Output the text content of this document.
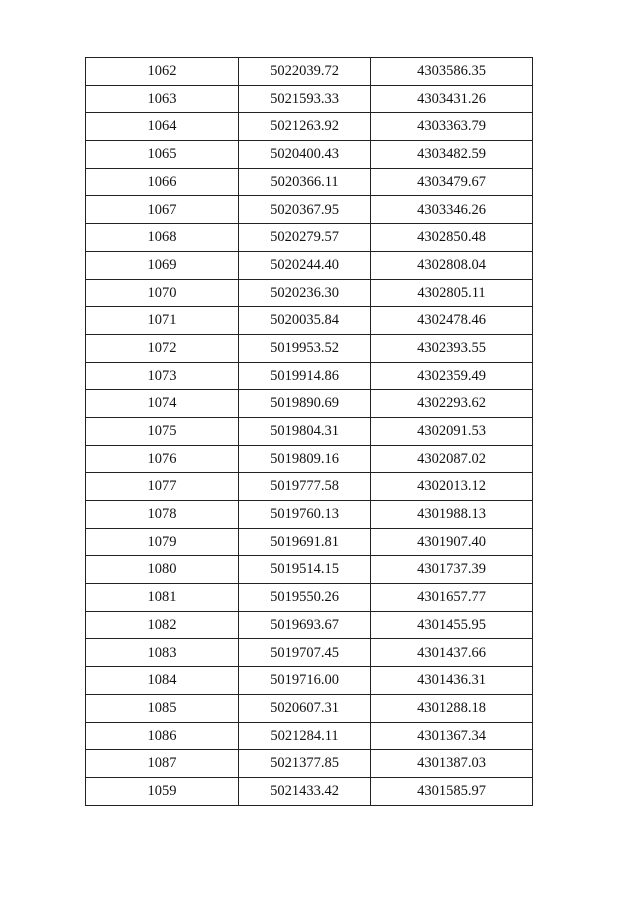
1062	5022039.72	4303586.35
1063	5021593.33	4303431.26
1064	5021263.92	4303363.79
1065	5020400.43	4303482.59
1066	5020366.11	4303479.67
1067	5020367.95	4303346.26
1068	5020279.57	4302850.48
1069	5020244.40	4302808.04
1070	5020236.30	4302805.11
1071	5020035.84	4302478.46
1072	5019953.52	4302393.55
1073	5019914.86	4302359.49
1074	5019890.69	4302293.62
1075	5019804.31	4302091.53
1076	5019809.16	4302087.02
1077	5019777.58	4302013.12
1078	5019760.13	4301988.13
1079	5019691.81	4301907.40
1080	5019514.15	4301737.39
1081	5019550.26	4301657.77
1082	5019693.67	4301455.95
1083	5019707.45	4301437.66
1084	5019716.00	4301436.31
1085	5020607.31	4301288.18
1086	5021284.11	4301367.34
1087	5021377.85	4301387.03
1059	5021433.42	4301585.97
